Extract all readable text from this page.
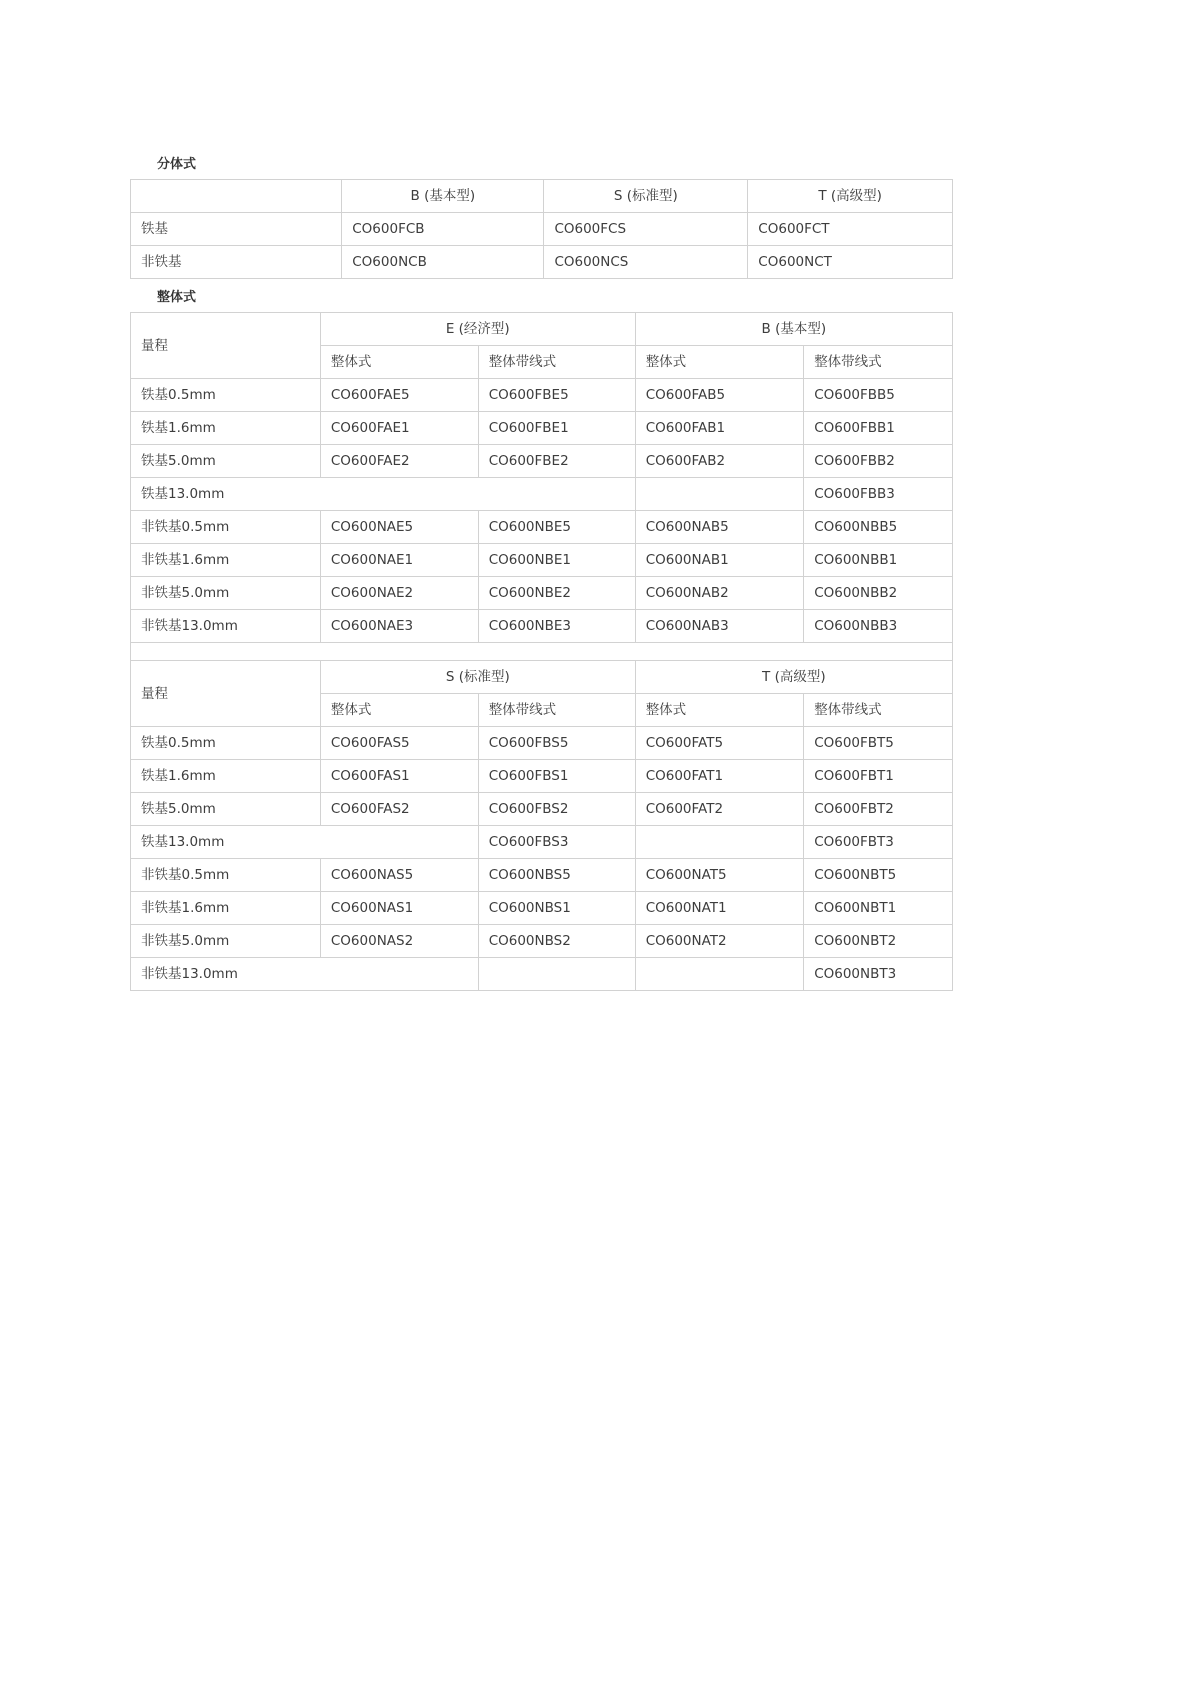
分体式
	B (基本型)	S (标准型)	T (高级型)
铁基	CO600FCB	CO600FCS	CO600FCT
非铁基	CO600NCB	CO600NCS	CO600NCT
整体式
量程	E (经济型)		B (基本型)	
	整体式	整体带线式	整体式	整体带线式
铁基0.5mm	CO600FAE5	CO600FBE5	CO600FAB5	CO600FBB5
铁基1.6mm	CO600FAE1	CO600FBE1	CO600FAB1	CO600FBB1
铁基5.0mm	CO600FAE2	CO600FBE2	CO600FAB2	CO600FBB2
铁基13.0mm				CO600FBB3
非铁基0.5mm	CO600NAE5	CO600NBE5	CO600NAB5	CO600NBB5
非铁基1.6mm	CO600NAE1	CO600NBE1	CO600NAB1	CO600NBB1
非铁基5.0mm	CO600NAE2	CO600NBE2	CO600NAB2	CO600NBB2
非铁基13.0mm	CO600NAE3	CO600NBE3	CO600NAB3	CO600NBB3

量程	S (标准型)		T (高级型)	
	整体式	整体带线式	整体式	整体带线式
铁基0.5mm	CO600FAS5	CO600FBS5	CO600FAT5	CO600FBT5
铁基1.6mm	CO600FAS1	CO600FBS1	CO600FAT1	CO600FBT1
铁基5.0mm	CO600FAS2	CO600FBS2	CO600FAT2	CO600FBT2
铁基13.0mm		CO600FBS3		CO600FBT3
非铁基0.5mm	CO600NAS5	CO600NBS5	CO600NAT5	CO600NBT5
非铁基1.6mm	CO600NAS1	CO600NBS1	CO600NAT1	CO600NBT1
非铁基5.0mm	CO600NAS2	CO600NBS2	CO600NAT2	CO600NBT2
非铁基13.0mm				CO600NBT3
